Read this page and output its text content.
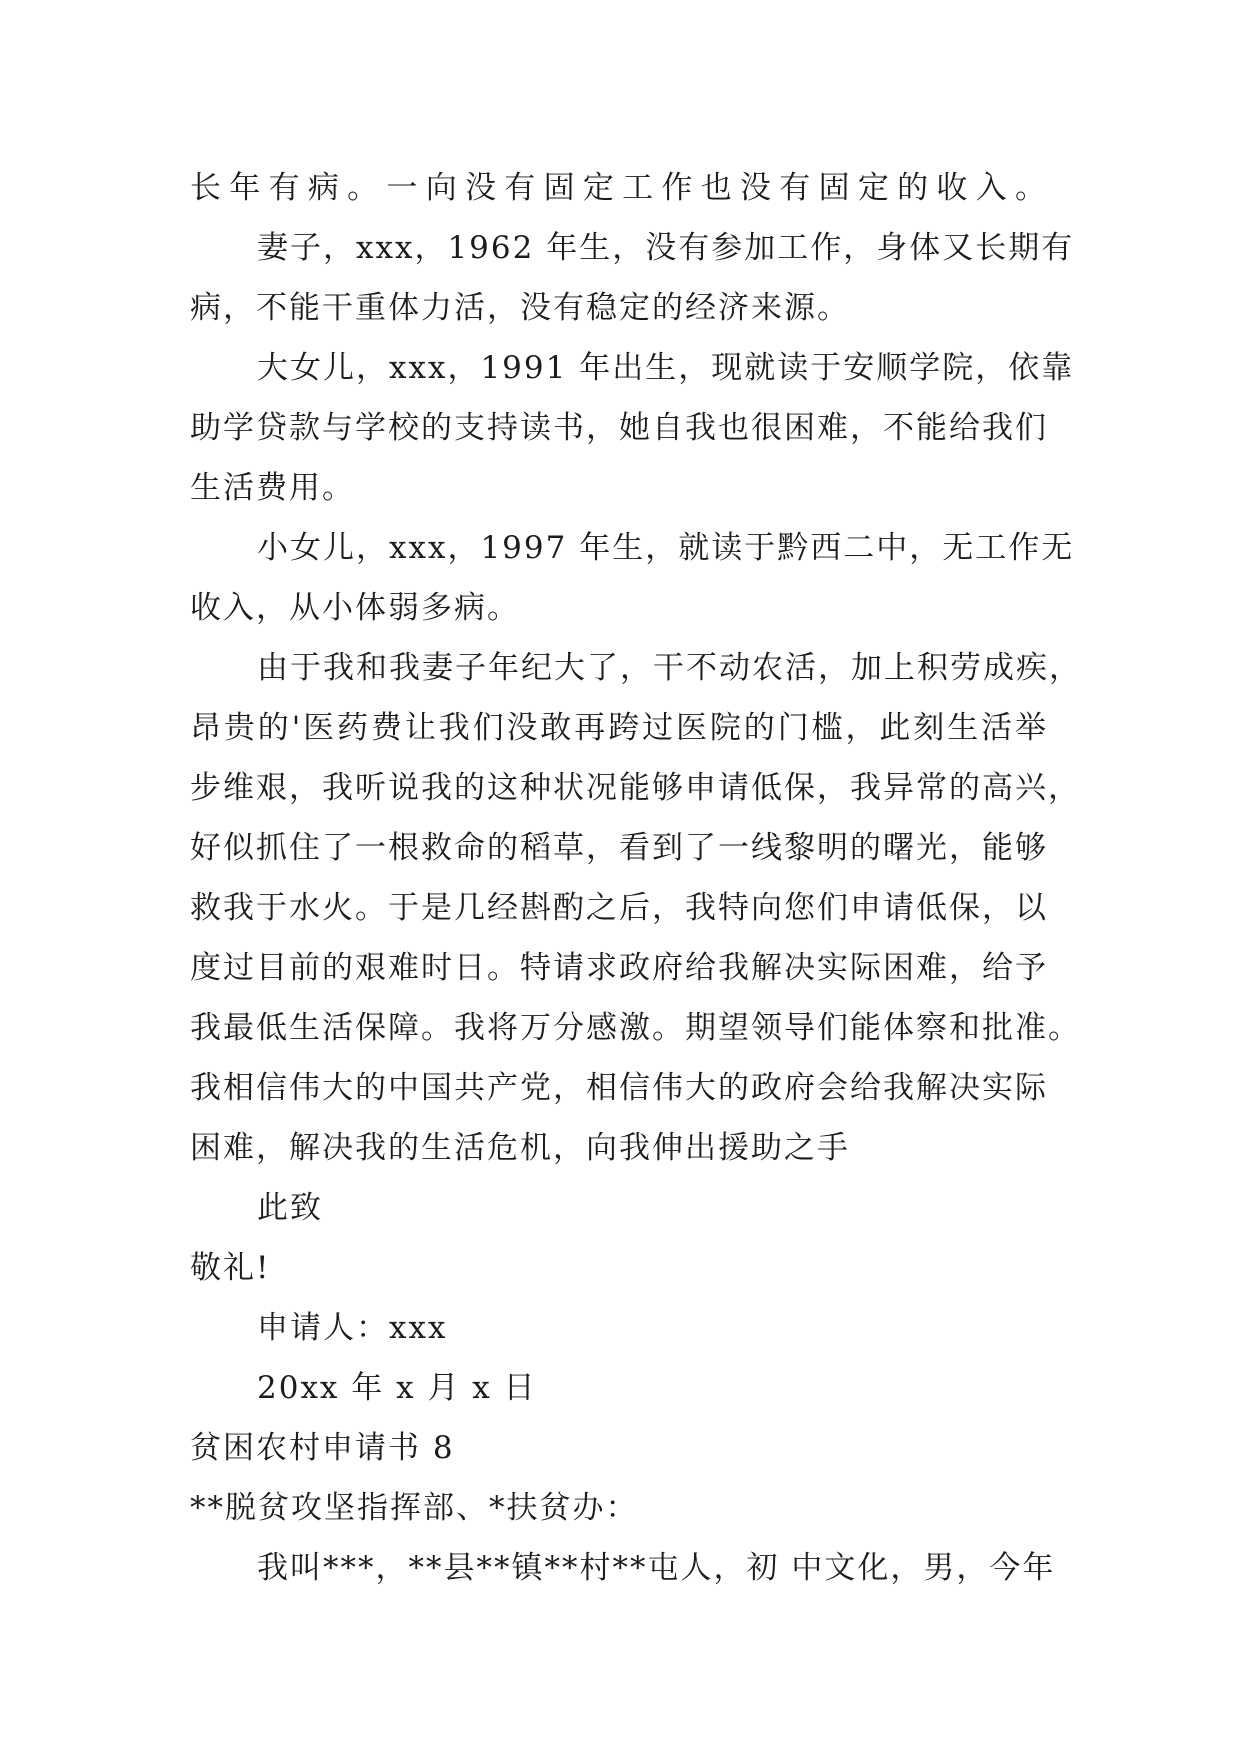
长年有病。一向没有固定工作也没有固定的收入。
妻子，xxx，1962 年生，没有参加工作，身体又长期有
病，不能干重体力活，没有稳定的经济来源。
大女儿，xxx，1991 年出生，现就读于安顺学院，依靠
助学贷款与学校的支持读书，她自我也很困难，不能给我们
生活费用。
小女儿，xxx，1997 年生，就读于黔西二中，无工作无
收入，从小体弱多病。
由于我和我妻子年纪大了，干不动农活，加上积劳成疾，
昂贵的'医药费让我们没敢再跨过医院的门槛，此刻生活举
步维艰，我听说我的这种状况能够申请低保，我异常的高兴，
好似抓住了一根救命的稻草，看到了一线黎明的曙光，能够
救我于水火。于是几经斟酌之后，我特向您们申请低保，以
度过目前的艰难时日。特请求政府给我解决实际困难，给予
我最低生活保障。我将万分感激。期望领导们能体察和批准。
我相信伟大的中国共产党，相信伟大的政府会给我解决实际
困难，解决我的生活危机，向我伸出援助之手
此致
敬礼!
申请人：xxx
20xx 年 x 月 x 日
贫困农村申请书 8
**脱贫攻坚指挥部、*扶贫办：
我叫***，**县**镇**村**屯人，初 中文化，男，今年
